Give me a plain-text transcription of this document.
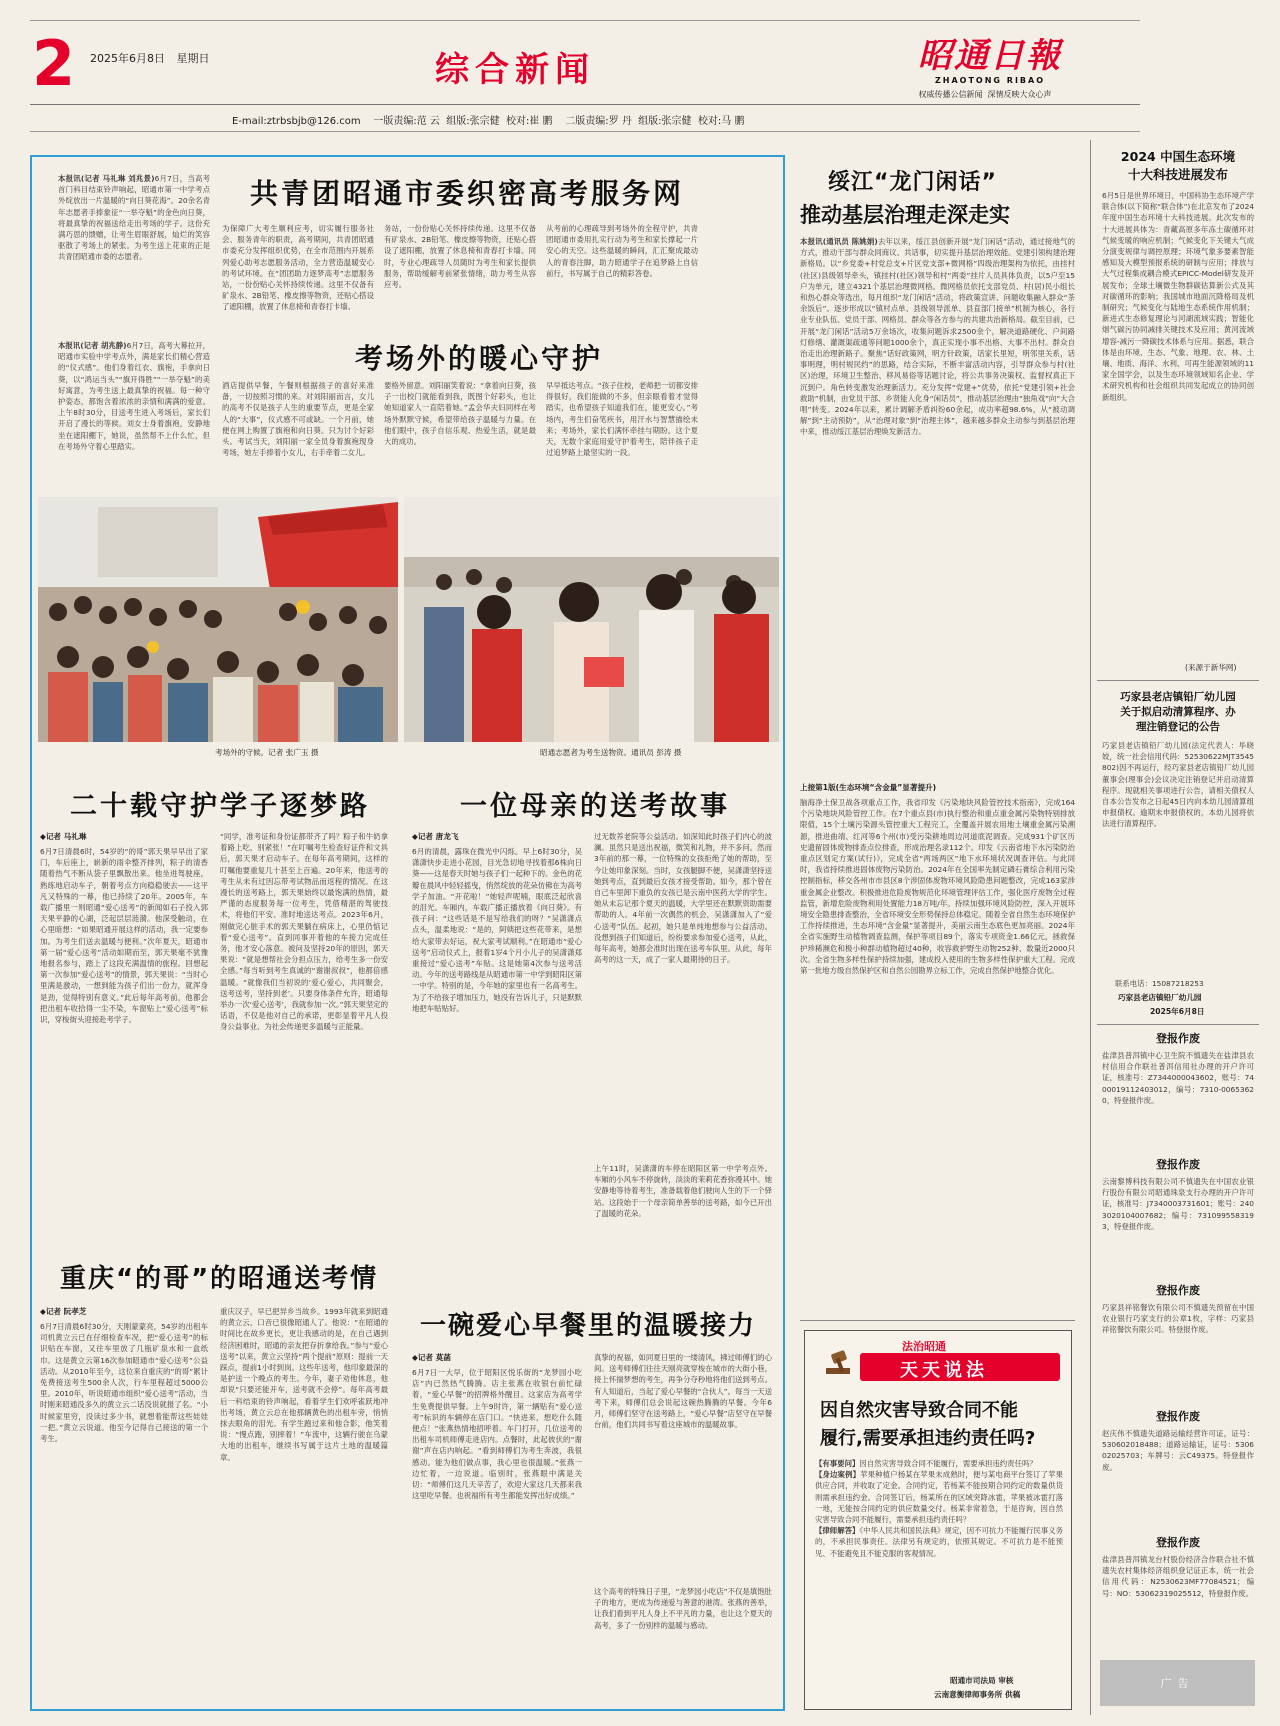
2 2025年6月8日 星期日	综合新闻	昭通日報
ZHAOTONG RIBAO
权威传播公信新闻  深情反映大众心声
E-mail:ztrbsbjb@126.com    一版责编:范 云  组版:张宗健  校对:崔 鹏    二版责编:罗 丹  组版:张宗健  校对:马 鹏
共青团昭通市委织密高考服务网
本报讯(记者 马礼琳 刘兆景)6月7日，当高考首门科目结束铃声响起，昭通市第一中学考点外绽放出一片温暖的“向日葵花海”。20余名青年志愿者手捧象征“一举夺魁”的金色向日葵，将最真挚的祝福送给走出考场的学子。这份充满巧思的馈赠，让考生眉眼舒展，灿烂的笑容驱散了考场上的紧张。为考生送上花束的正是共青团昭通市委的志愿者。
为保障广大考生顺利应考，切实履行服务社会、服务青年的职责，高考期间，共青团昭通市委充分发挥组织优势，在全市范围内开展系列爱心助考志愿服务活动，全力营造温暖安心的考试环境。在“团团助力逐梦高考”志愿服务站，一份份贴心关怀持续传递。这里不仅备有矿泉水、2B铅笔、橡皮擦等物资，还贴心搭设了遮阳棚，放置了休息椅和青春打卡墙。
务站，一份份贴心关怀持续传递。这里不仅备有矿泉水、2B铅笔、橡皮擦等物资，还贴心搭设了遮阳棚，放置了休息椅和青春打卡墙。同时，专业心理疏导人员随时为考生和家长提供服务，帮助缓解考前紧张情绪，助力考生从容应考。
从考前的心理疏导到考场外的全程守护，共青团昭通市委用扎实行动为考生和家长撑起一片安心的天空。这些温暖的瞬间，汇汇聚成最动人的青春注脚，助力昭通学子在追梦路上自信前行，书写属于自己的精彩答卷。
本报讯(记者 胡兆静)6月7日，高考大幕拉开，昭通市实验中学考点外，满是家长们精心营造的“仪式感”。他们身着红衣、旗袍，手拿向日葵，以“鸿运当头”“旗开得胜”“一举夺魁”的美好寓意，为考生送上最真挚的祝福。每一种守护姿态，都饱含着浓浓的亲情和满满的爱意。上午8时30分，目送考生进入考场后，家长们开启了漫长的等候。刘女士身着旗袍，安静地坐在遮阳棚下，她说，虽然帮不上什么忙，但在考场外守着心里踏实。
考场外的暖心守护
酒店提供早餐，午餐则根据孩子的喜好来准备，一切按照习惯的来。对刘阳丽而言，女儿的高考不仅是孩子人生的重要节点，更是全家人的“大事”，仪式感不可或缺。一个月前，她便在网上购置了旗袍和向日葵。只为讨个好彩头。考试当天，刘阳丽一家全员身着旗袍现身考场，她左手捧着小女儿，右手牵着二女儿。
要格外留意。刘阳丽笑着说：“拿着向日葵，孩子一出校门就能看到我，既图个好彩头，也让她知道家人一直陪着她。”孟会华夫妇同样在考场外默默守候，希望带给孩子温暖与力量。在他们眼中，孩子自信乐观、热爱生活，就是最大的成功。
早早抵达考点。“孩子住校，老师把一切都安排得很好，我们能做的不多，但亲眼看着才觉得踏实，也希望孩子知道我们在，能更安心。”考场内，考生们奋笔疾书，用汗水与智慧描绘未来；考场外，家长们满怀牵挂与期盼。这个夏天，无数个家庭用爱守护着考生，陪伴孩子走过追梦路上最坚实的一段。
考场外的守候。记者 张广玉 摄	昭通志愿者为考生送物资。通讯员 彭涛 摄
二十载守护学子逐梦路
◆记者 马礼琳
6月7日清晨6时，54岁的“的哥”郭天果早早出了家门，车后座上，崭新的雨伞整齐排列，粽子的清香随着热气不断从袋子里飘散出来。他坐进驾驶座，熟练地启动车子，朝着考点方向稳稳驶去——这平凡又特殊的一幕，他已持续了20年。2005年，车载广播里一则昭通“爱心送考”的新闻如石子投入郭天果平静的心湖，泛起层层涟漪。他深受触动，在心里暗想：“如果昭通开展这样的活动，我一定要参加。为考生们送去温暖与便利。”次年夏天，昭通市第一届“爱心送考”活动如期而至，郭天果毫不犹豫地报名参与，踏上了这段充满温情的旅程。回想起第一次参加“爱心送考”的情景，郭天果说：“当时心里满是激动，一想到能为孩子们出一份力，就浑身是劲，觉得特别有意义。”此后每年高考前，他都会把出租车收拾得一尘不染，车窗贴上“爱心送考”标识，穿梭街头迎接赴考学子。
“同学，准考证和身份证都带齐了吗？粽子和牛奶拿着路上吃，别紧张！”在叮嘱考生检查好证件和文具后，郭天果才启动车子。在每年高考期间，这样的叮嘱他要重复几十甚至上百遍。20年来，他送考的考生从未有过因忘带考试物品而返程的情况。在这漫长的送考路上，郭天果始终以最饱满的热情，最严谨的态度服务每一位考生，凭借精湛的驾驶技术，将他们平安、准时地送达考点。2023年6月，刚做完心脏手术的郭天果躺在病床上，心里仍惦记着“爱心送考”。直到同事开着他的车接力完成任务，他才安心落意。被问及坚持20年的原因，郭天果说：“就是想帮社会分担点压力，给考生多一份安全感。”每当听到考生真诚的“谢谢叔叔”，他都倍感温暖。“就像我们当初说的‘爱心爱心，共同聚会，送考送考，坚持到老’。只要身体条件允许，昭通每举办一次‘爱心送考’，我就参加一次。”郭天果坚定的话语，不仅是他对自己的承诺，更彰显着平凡人投身公益事业、为社会传递更多温暖与正能量。
一位母亲的送考故事
◆记者 唐龙飞
6月的清晨，露珠在微光中闪烁。早上6时30分，吴潇潇快步走进小花园，目光急切地寻找着那6株向日葵——这是春天时她与孩子们一起种下的。金色的花瓣在晨风中轻轻摇曳，悄然绽放的花朵仿佛在为高考学子加油。“开花啦！”她轻声呢喃，眼底泛起欣喜的泪光。车厢内，车载广播正播放着《向日葵》。有孩子问：“这些话是不是写给我们的呀？”吴潇潇点点头，温柔地说：“是的，阿姨把这些花带来，是想给大家带去好运，祝大家考试顺利。”在昭通市“爱心送考”启动仪式上，报着1岁4个月小儿子的吴潇潇郑重接过“爱心送考”车贴。这是她第4次参与送考活动。今年的送考路线是从昭通市第一中学到昭阳区第一中学。特别的是，今年她的家里也有一名高考生。为了不给孩子增加压力，她没有告诉儿子，只是默默地把车贴贴好。
过无数养老院等公益活动。如深知此时孩子们内心的波澜。虽然只是送出祝福，微笑和礼物，并不多问。然而3年前的那一幕，一位特殊的女孩拒绝了她的帮助，至今让她印象深刻。当时，女孩腿脚不便，吴潇潇坚持送她到考点，直到最后女孩才接受帮助。如今，那个曾在自己车里卸下重负的女孩已是云南中医药大学的学生。她从未忘记那个夏天的温暖，大学里还在默默资助需要帮助的人。4年前一次偶然的机会，吴潇潇加入了“爱心送考”队伍。起初，她只是单纯地想参与公益活动。没想到孩子们知道后，纷纷要求参加爱心送考，从此，每年高考，她都会准时出现在送考车队里。从此，每年高考的这一天，成了一家人最期待的日子。
上午11时，吴潇潇的车停在昭阳区第一中学考点外。车厢的小风车不停旋转，淡淡的茉莉花香弥漫其中。她安静地等待着考生，准备载着他们驶向人生的下一个驿站。这段始于一个母亲简单善举的送考路，如今已开出了温暖的花朵。
重庆“的哥”的昭通送考情
◆记者 阮孝芝
6月7日清晨6时30分，天刚蒙蒙亮，54岁的出租车司机黄立云已在仔细检查车况，把“爱心送考”的标识贴在车窗，又往车里放了几瓶矿泉水和一盒纸巾。这是黄立云第16次参加昭通市“爱心送考”公益活动。从2010年至今，这位来自重庆的“的哥”累计免费接送考生500余人次，行车里程超过5000公里。2010年，听说昭通市组织“爱心送考”活动，当时刚来昭通没多久的黄立云二话没说就报了名。“小时候家里穷，没读过多少书，就想着能帮这些娃娃一把。”黄立云说道。他至今记得自己接送的第一个考生。
重庆汉子，早已把异乡当故乡。1993年就来到昭通的黄立云，口音已很像昭通人了。他说：“在昭通的时间比在故乡更长，更让我感动的是，在自己遇到经济困难时，昭通的亲友把存折拿给我。”参与“爱心送考”以来，黄立云坚持“两个提前”原则：提前一天踩点，提前1小时到岗。这些年送考，他印象最深的是护送一个晚点的考生。今年，妻子劝他休息，他却说“只要还能开车，送考就不会停”。每年高考最后一科结束的铃声响起，看着学生们欢呼雀跃地冲出考场，黄立云总在他那辆黄色的出租车旁，悄悄抹去眼角的泪光。有学生跑过来和他合影，他笑着说：“慢点跑，别摔着！”车流中，这辆行驶在乌蒙大地的出租车，继续书写属于这片土地的温暖篇章。
一碗爱心早餐里的温暖接力
◆记者 莫菡
6月7日一大早，位于昭阳区悦乐街的“龙梦园小吃店”内已然热气腾腾。店主张燕在收银台前忙碌着，“爱心早餐”的招牌格外醒目。这家店为高考学生免费提供早餐。上午9时许，第一辆贴有“爱心送考”标识的车辆停在店门口。“快进来，想吃什么随便点！”张燕热情地招呼着。车门打开，几位送考的出租车司机师傅走进店内。点餐时，此起彼伏的“谢谢”声在店内响起。“看到师傅们为考生奔波，我很感动。能为他们做点事，我心里也很温暖。”张燕一边忙着，一边说道。临别时，张燕眼中满是关切：“师傅们这几天辛苦了，欢迎大家这几天都来我这里吃早餐。也祝福所有考生都能发挥出好成绩。”
真挚的祝福，如同夏日里的一缕清风，拂过师傅们的心间。送考师傅们往往天刚亮就穿梭在城市的大街小巷，接上怀揣梦想的考生，再争分夺秒地将他们送到考点。有人知道后，当起了爱心早餐的“合伙人”。每当一天送考下来，师傅们总会说起这碗热腾腾的早餐。今年6月，师傅们坚守在送考路上，“爱心早餐”店坚守在早餐台前，他们共同书写着这座城市的温暖故事。
这个高考的特殊日子里，“龙梦园小吃店”不仅是填饱肚子的地方，更成为传递爱与善意的港湾。张燕的善举，让我们看到平凡人身上不平凡的力量，也让这个夏天的高考，多了一份别样的温暖与感动。
绥江“龙门闲话”
推动基层治理走深走实
本报讯(通讯员 陈姚娟)去年以来，绥江县创新开展“龙门闲话”活动，通过接地气的方式，推动干部与群众同商议、共话事，切实提升基层治理效能。党建引领构建治理新格局。以“乡党委+村党总支+片区党支部+微网格”四级治理架构为依托，由挂村(社区)县级领导牵头，镇挂村(社区)领导和村“两委”挂片人员具体负责，以5户至15户为单元，建立4321个基层治理微网格。微网格员依托支部党员、村(居)民小组长和热心群众等选出，每月组织“龙门闲话”活动，将政策宣讲、问题收集融入群众“茶余饭后”。逐步形成以“镇村点单、县级领导派单、县直部门接单”机制为核心，各行业专业队伍、党员干部、网格员、群众等各方参与的共建共治新格局。截至目前，已开展“龙门闲话”活动5万余场次，收集问题诉求2500余个，解决道路硬化、户间路灯修缮、灌溉渠疏通等问题1000余个，真正实现小事不出格、大事不出村。群众自治走出治理新路子。聚焦“话好政策网，明方针政策，话家长里短，明邻里关系，话事明理，明村规民约”的思路，结合实际，不断丰富活动内容，引导群众参与村(社区)治理，环境卫生整治、移风易俗等话题讨论，将公共事务决策权、监督权真正下沉到户。角色转变激发治理新活力。充分发挥“党建+”优势，依托“党建引领+社会救助”机制，由党员干部、乡贤能人化身“闲话员”，推动基层治理由“独角戏”向“大合唱”转变。2024年以来，累计调解矛盾纠纷60余起，成功率超98.6%，从“被动调解”到“主动预防”，从“治理对象”到“治理主体”，越来越多群众主动参与到基层治理中来，推动绥江基层治理焕发新活力。
上接第1版(生态环境“含金量”显著提升)
脑海净土保卫战各项重点工作，我省印发《污染地块风险管控技术指南》，完成164个污染地块风险管控工作。在7个重点县(市)执行整治和重点重金属污染物特别排放限值，15个土壤污染源头管控重大工程完工，全覆盖开展农用地土壤重金属污染溯源，推进曲靖、红河等6个州(市)受污染耕地周边河道底泥调查。完成931个矿区历史遗留固体废物排查点位排查，形成治理名录112个。印发《云南省地下水污染防治重点区划定方案(试行)》，完成全省“两场两区”地下水环境状况调查评估。与此同时，我省持续推进固体废物污染防治。2024年在全国率先制定磷石膏综合利用污染控制指标，移交各州市市县区8个涉固体废物环境风险隐患问题整改，完成163家涉重金属企业整改。积极推进危险废物规范化环境管理评估工作，强化医疗废物全过程监管，新增危险废物利用处置能力18万吨/年。持续加强环境风险防控，深入开展环境安全隐患排查整治，全省环境安全形势保持总体稳定。随着全省自然生态环境保护工作持续推进，生态环境“含金量”显著提升，美丽云南生态底色更加亮丽。2024年全省实施野生动植物调查监测，保护等项目89个，落实专项资金1.66亿元，拯救保护珍稀濒危和极小种群动植物超过40种，收容救护野生动物252种、数量近2000只次。全省生物多样性保护持续加强，建成投入使用的生物多样性保护重大工程。完成第一批地方级自然保护区和自然公园勘界立标工作，完成自然保护地整合优化。
法治昭通
天天说法
因自然灾害导致合同不能
履行,需要承担违约责任吗?
【有事要问】因自然灾害导致合同不能履行，需要承担违约责任吗？
【身边案例】苹果种植户杨某在苹果未成熟时，便与某电商平台签订了苹果供应合同，并收取了定金。合同约定，若杨某不能按期合同约定的数量供货则需承担违约金。合同签订后，杨某所在的区域突降冰雹，苹果被冰雹打落一地，无能按合同约定的供应数量交付。杨某非常着急，于是咨询，因自然灾害导致合同不能履行，需要承担违约责任吗？
【律师解答】《中华人民共和国民法典》规定，因不可抗力不能履行民事义务的，不承担民事责任。法律另有规定的，依照其规定。不可抗力是不能预见、不能避免且不能克服的客观情况。
昭通市司法局 审核
云南意衡律师事务所 供稿
2024 中国生态环境
十大科技进展发布
6月5日是世界环境日，中国科协生态环境产学联合体(以下简称“联合体”)在北京发布了2024年度中国生态环境十大科技进展。此次发布的十大进展具体为：青藏高原多年冻土碳循环对气候变暖的响应机制；气候变化下关键大气成分演变规律与调控原理；环境气象多要素智能感知及大模型预报系统的研制与应用；排放与大气过程集成耦合模式EPICC-Model研发及开展发布；全球土壤微生物群碳估算新公式及其对碳循环的影响；我国城市地面沉降格局及机制研究；气候变化与陆地生态系统作用机制；新进式生态修复理论与河湖流域实践；智能化烟气碳污协同减排关键技术及应用；黄河流域增容-减污一降碳技术体系与应用。据悉，联合体是由环境、生态、气象、地理、农、林、土壤、地质、海洋、水利、可再生能源领域的11家全国学会，以及生态环境领域知名企业、学术研究机构和社会组织共同发起成立的协同创新组织。
(来源于新华网)
巧家县老店镇铅厂幼儿园
关于拟启动清算程序、办
理注销登记的公告
巧家县老店镇铅厂幼儿园(法定代表人：毕晓姣，统一社会信用代码：52530622MJT3545802)因不再运行，经巧家县老店镇铅厂幼儿园董事会(理事会)会议决定注销登记并启动清算程序。现就相关事项进行公告，请相关债权人自本公告发布之日起45日内向本幼儿园清算组申报债权。逾期未申报债权的，本幼儿园将依法进行清算程序。
联系电话：15087218253
巧家县老店镇铅厂幼儿园
2025年6月8日
登报作废
盐津县普洱镇中心卫生院不慎遗失在盐津县农村信用合作联社普洱信用社办理的开户许可证，核准号：Z7344000043602，账号：7400019112403012，编号：7310-00653620，特登报作废。
登报作废
云南黎博科技有限公司不慎遗失在中国农业银行股份有限公司昭通珠泉支行办理的开户许可证，核准号：J7340003731601；账号：2403020104007682；编号：7310995583193，特登报作废。
登报作废
巧家县祥铭餐饮有限公司不慎遗失预留在中国农业银行巧家支行的公章1枚，字样：巧家县祥铭餐饮有限公司。特登报作废。
登报作废
赵庆伟不慎遗失道路运输经营许可证，证号：530602018488；道路运输证，证号：530602025703；车牌号：云C49375。特登报作废。
登报作废
盐津县普洱镇龙台村股份经济合作联合社不慎遗失农村集体经济组织登记证正本，统一社会信用代码：N2530623MF77084521；编号：NO：53062319025512，特登报作废。
广告
